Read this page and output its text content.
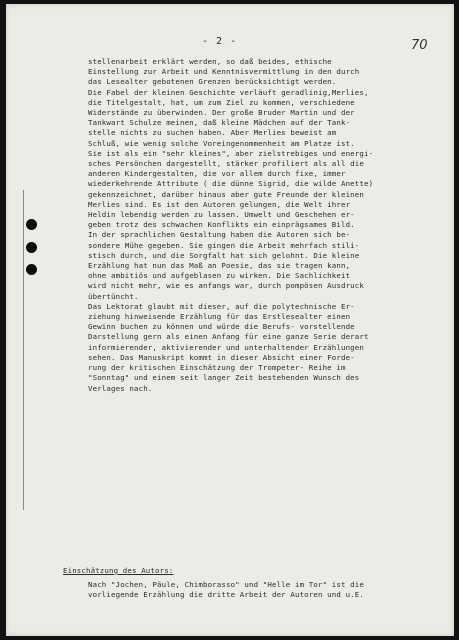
- 2 -	70
stellenarbeit erklärt werden, so daß beides, ethische
Einstellung zur Arbeit und Kenntnisvermittlung in den durch
das Lesealter gebotenen Grenzen berücksichtigt werden.
Die Fabel der kleinen Geschichte verläuft geradlinig,Merlies,
die Titelgestalt, hat, um zum Ziel zu kommen, verschiedene
Widerstände zu überwinden. Der große Bruder Martin und der
Tankwart Schulze meinen, daß kleine Mädchen auf der Tank-
stelle nichts zu suchen haben. Aber Merlies beweist am
Schluß, wie wenig solche Voreingenommenheit am Platze ist.
Sie ist als ein "sehr kleines", aber zielstrebiges und energi-
sches Persönchen dargestellt, stärker profiliert als all die
anderen Kindergestalten, die vor allem durch fixe, immer
wiederkehrende Attribute ( die dünne Sigrid, die wilde Anette)
gekennzeichnet, darüber hinaus aber gute Freunde der kleinen
Merlies sind. Es ist den Autoren gelungen, die Welt ihrer
Heldin lebendig werden zu lassen. Umwelt und Geschehen er-
geben trotz des schwachen Konflikts ein einprägsames Bild.
In der sprachlichen Gestaltung haben die Autoren sich be-
sondere Mühe gegeben. Sie gingen die Arbeit mehrfach stili-
stisch durch, und die Sorgfalt hat sich gelohnt. Die kleine
Erzählung hat nun das Maß an Poesie, das sie tragen kann,
ohne ambitiös und aufgeblasen zu wirken. Die Sachlichkeit
wird nicht mehr, wie es anfangs war, durch pompösen Ausdruck
übertüncht.
Das Lektorat glaubt mit dieser, auf die polytechnische Er-
ziehung hinweisende Erzählung für das Erstlesealter einen
Gewinn buchen zu können und würde die Berufs- vorstellende
Darstellung gern als einen Anfang für eine ganze Serie derart
informierender, aktivierender und unterhaltender Erzählungen
sehen. Das Manuskript kommt in dieser Absicht einer Forde-
rung der kritischen Einschätzung der Trompeter- Reihe im
"Sonntag" und einem seit langer Zeit bestehenden Wunsch des
Verlages nach.
Einschätzung des Autors:
Nach "Jochen, Päule, Chimborasso" und "Helle im Tor" ist die
vorliegende Erzählung die dritte Arbeit der Autoren und u.E.
